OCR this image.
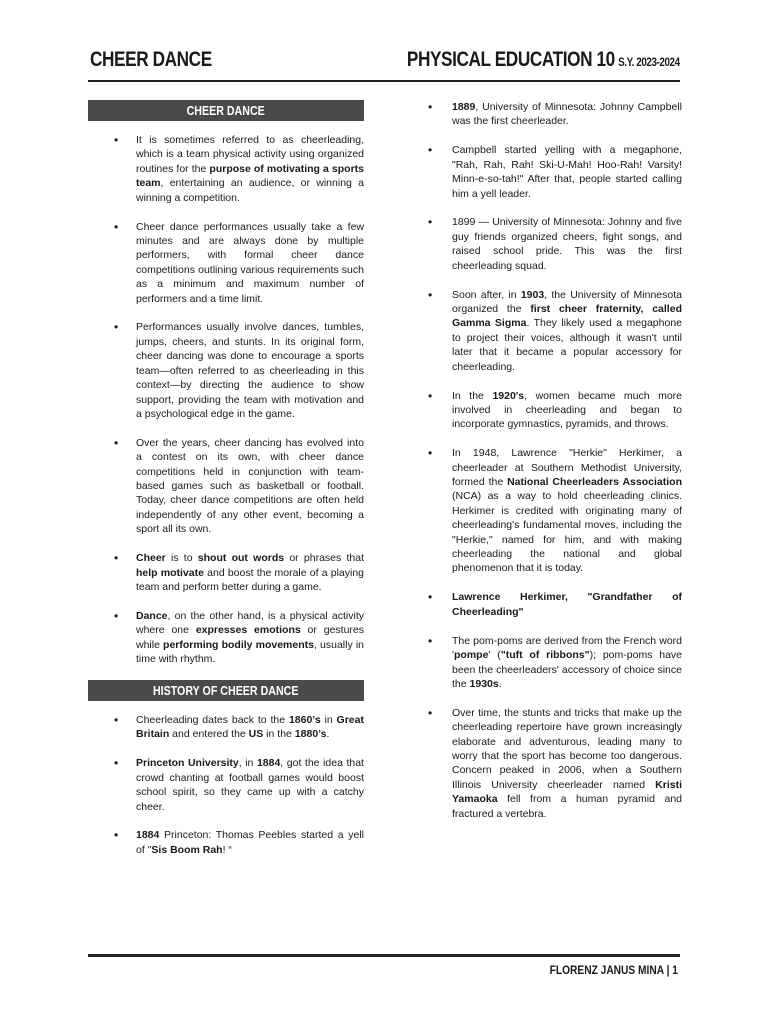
CHEER DANCE	PHYSICAL EDUCATION 10 S.Y. 2023-2024
CHEER DANCE
• It is sometimes referred to as cheerleading, which is a team physical activity using organized routines for the purpose of motivating a sports team, entertaining an audience, or winning a winning a competition.
• Cheer dance performances usually take a few minutes and are always done by multiple performers, with formal cheer dance competitions outlining various requirements such as a minimum and maximum number of performers and a time limit.
• Performances usually involve dances, tumbles, jumps, cheers, and stunts. In its original form, cheer dancing was done to encourage a sports team—often referred to as cheerleading in this context—by directing the audience to show support, providing the team with motivation and a psychological edge in the game.
• Over the years, cheer dancing has evolved into a contest on its own, with cheer dance competitions held in conjunction with team-based games such as basketball or football. Today, cheer dance competitions are often held independently of any other event, becoming a sport all its own.
• Cheer is to shout out words or phrases that help motivate and boost the morale of a playing team and perform better during a game.
• Dance, on the other hand, is a physical activity where one expresses emotions or gestures while performing bodily movements, usually in time with rhythm.
HISTORY OF CHEER DANCE
• Cheerleading dates back to the 1860’s in Great Britain and entered the US in the 1880’s.
• Princeton University, in 1884, got the idea that crowd chanting at football games would boost school spirit, so they came up with a catchy cheer.
• 1884 Princeton: Thomas Peebles started a yell of "Sis Boom Rah! “
• 1889, University of Minnesota: Johnny Campbell was the first cheerleader.
• Campbell started yelling with a megaphone, "Rah, Rah, Rah! Ski-U-Mah! Hoo-Rah! Varsity! Minn-e-so-tah!" After that, people started calling him a yell leader.
• 1899 — University of Minnesota: Johnny and five guy friends organized cheers, fight songs, and raised school pride. This was the first cheerleading squad.
• Soon after, in 1903, the University of Minnesota organized the first cheer fraternity, called Gamma Sigma. They likely used a megaphone to project their voices, although it wasn't until later that it became a popular accessory for cheerleading.
• In the 1920's, women became much more involved in cheerleading and began to incorporate gymnastics, pyramids, and throws.
• In 1948, Lawrence "Herkie" Herkimer, a cheerleader at Southern Methodist University, formed the National Cheerleaders Association (NCA) as a way to hold cheerleading clinics. Herkimer is credited with originating many of cheerleading's fundamental moves, including the "Herkie," named for him, and with making cheerleading the national and global phenomenon that it is today.
• Lawrence Herkimer, "Grandfather of Cheerleading"
• The pom-poms are derived from the French word 'pompe' ("tuft of ribbons"); pom-poms have been the cheerleaders' accessory of choice since the 1930s.
• Over time, the stunts and tricks that make up the cheerleading repertoire have grown increasingly elaborate and adventurous, leading many to worry that the sport has become too dangerous. Concern peaked in 2006, when a Southern Illinois University cheerleader named Kristi Yamaoka fell from a human pyramid and fractured a vertebra.
FLORENZ JANUS MINA | 1
